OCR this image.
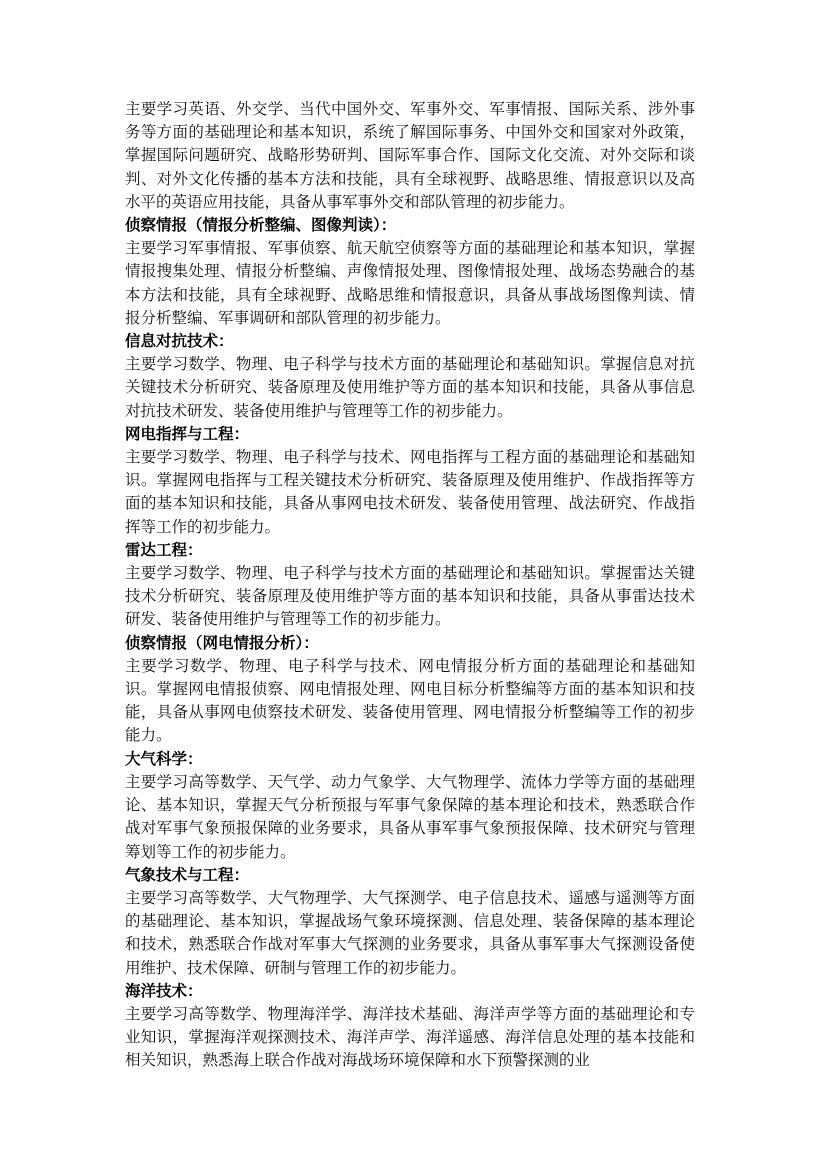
主要学习英语、外交学、当代中国外交、军事外交、军事情报、国际关系、涉外事务等方面的基础理论和基本知识，系统了解国际事务、中国外交和国家对外政策，掌握国际问题研究、战略形势研判、国际军事合作、国际文化交流、对外交际和谈判、对外文化传播的基本方法和技能，具有全球视野、战略思维、情报意识以及高水平的英语应用技能，具备从事军事外交和部队管理的初步能力。

侦察情报（情报分析整编、图像判读）：

主要学习军事情报、军事侦察、航天航空侦察等方面的基础理论和基本知识，掌握情报搜集处理、情报分析整编、声像情报处理、图像情报处理、战场态势融合的基本方法和技能，具有全球视野、战略思维和情报意识，具备从事战场图像判读、情报分析整编、军事调研和部队管理的初步能力。

信息对抗技术：

主要学习数学、物理、电子科学与技术方面的基础理论和基础知识。掌握信息对抗关键技术分析研究、装备原理及使用维护等方面的基本知识和技能，具备从事信息对抗技术研发、装备使用维护与管理等工作的初步能力。

网电指挥与工程：

主要学习数学、物理、电子科学与技术、网电指挥与工程方面的基础理论和基础知识。掌握网电指挥与工程关键技术分析研究、装备原理及使用维护、作战指挥等方面的基本知识和技能，具备从事网电技术研发、装备使用管理、战法研究、作战指挥等工作的初步能力。

雷达工程：

主要学习数学、物理、电子科学与技术方面的基础理论和基础知识。掌握雷达关键技术分析研究、装备原理及使用维护等方面的基本知识和技能，具备从事雷达技术研发、装备使用维护与管理等工作的初步能力。

侦察情报（网电情报分析）：

主要学习数学、物理、电子科学与技术、网电情报分析方面的基础理论和基础知识。掌握网电情报侦察、网电情报处理、网电目标分析整编等方面的基本知识和技能，具备从事网电侦察技术研发、装备使用管理、网电情报分析整编等工作的初步能力。

大气科学：

主要学习高等数学、天气学、动力气象学、大气物理学、流体力学等方面的基础理论、基本知识，掌握天气分析预报与军事气象保障的基本理论和技术，熟悉联合作战对军事气象预报保障的业务要求，具备从事军事气象预报保障、技术研究与管理筹划等工作的初步能力。

气象技术与工程：

主要学习高等数学、大气物理学、大气探测学、电子信息技术、遥感与遥测等方面的基础理论、基本知识，掌握战场气象环境探测、信息处理、装备保障的基本理论和技术，熟悉联合作战对军事大气探测的业务要求，具备从事军事大气探测设备使用维护、技术保障、研制与管理工作的初步能力。

海洋技术：

主要学习高等数学、物理海洋学、海洋技术基础、海洋声学等方面的基础理论和专业知识，掌握海洋观探测技术、海洋声学、海洋遥感、海洋信息处理的基本技能和相关知识，熟悉海上联合作战对海战场环境保障和水下预警探测的业
